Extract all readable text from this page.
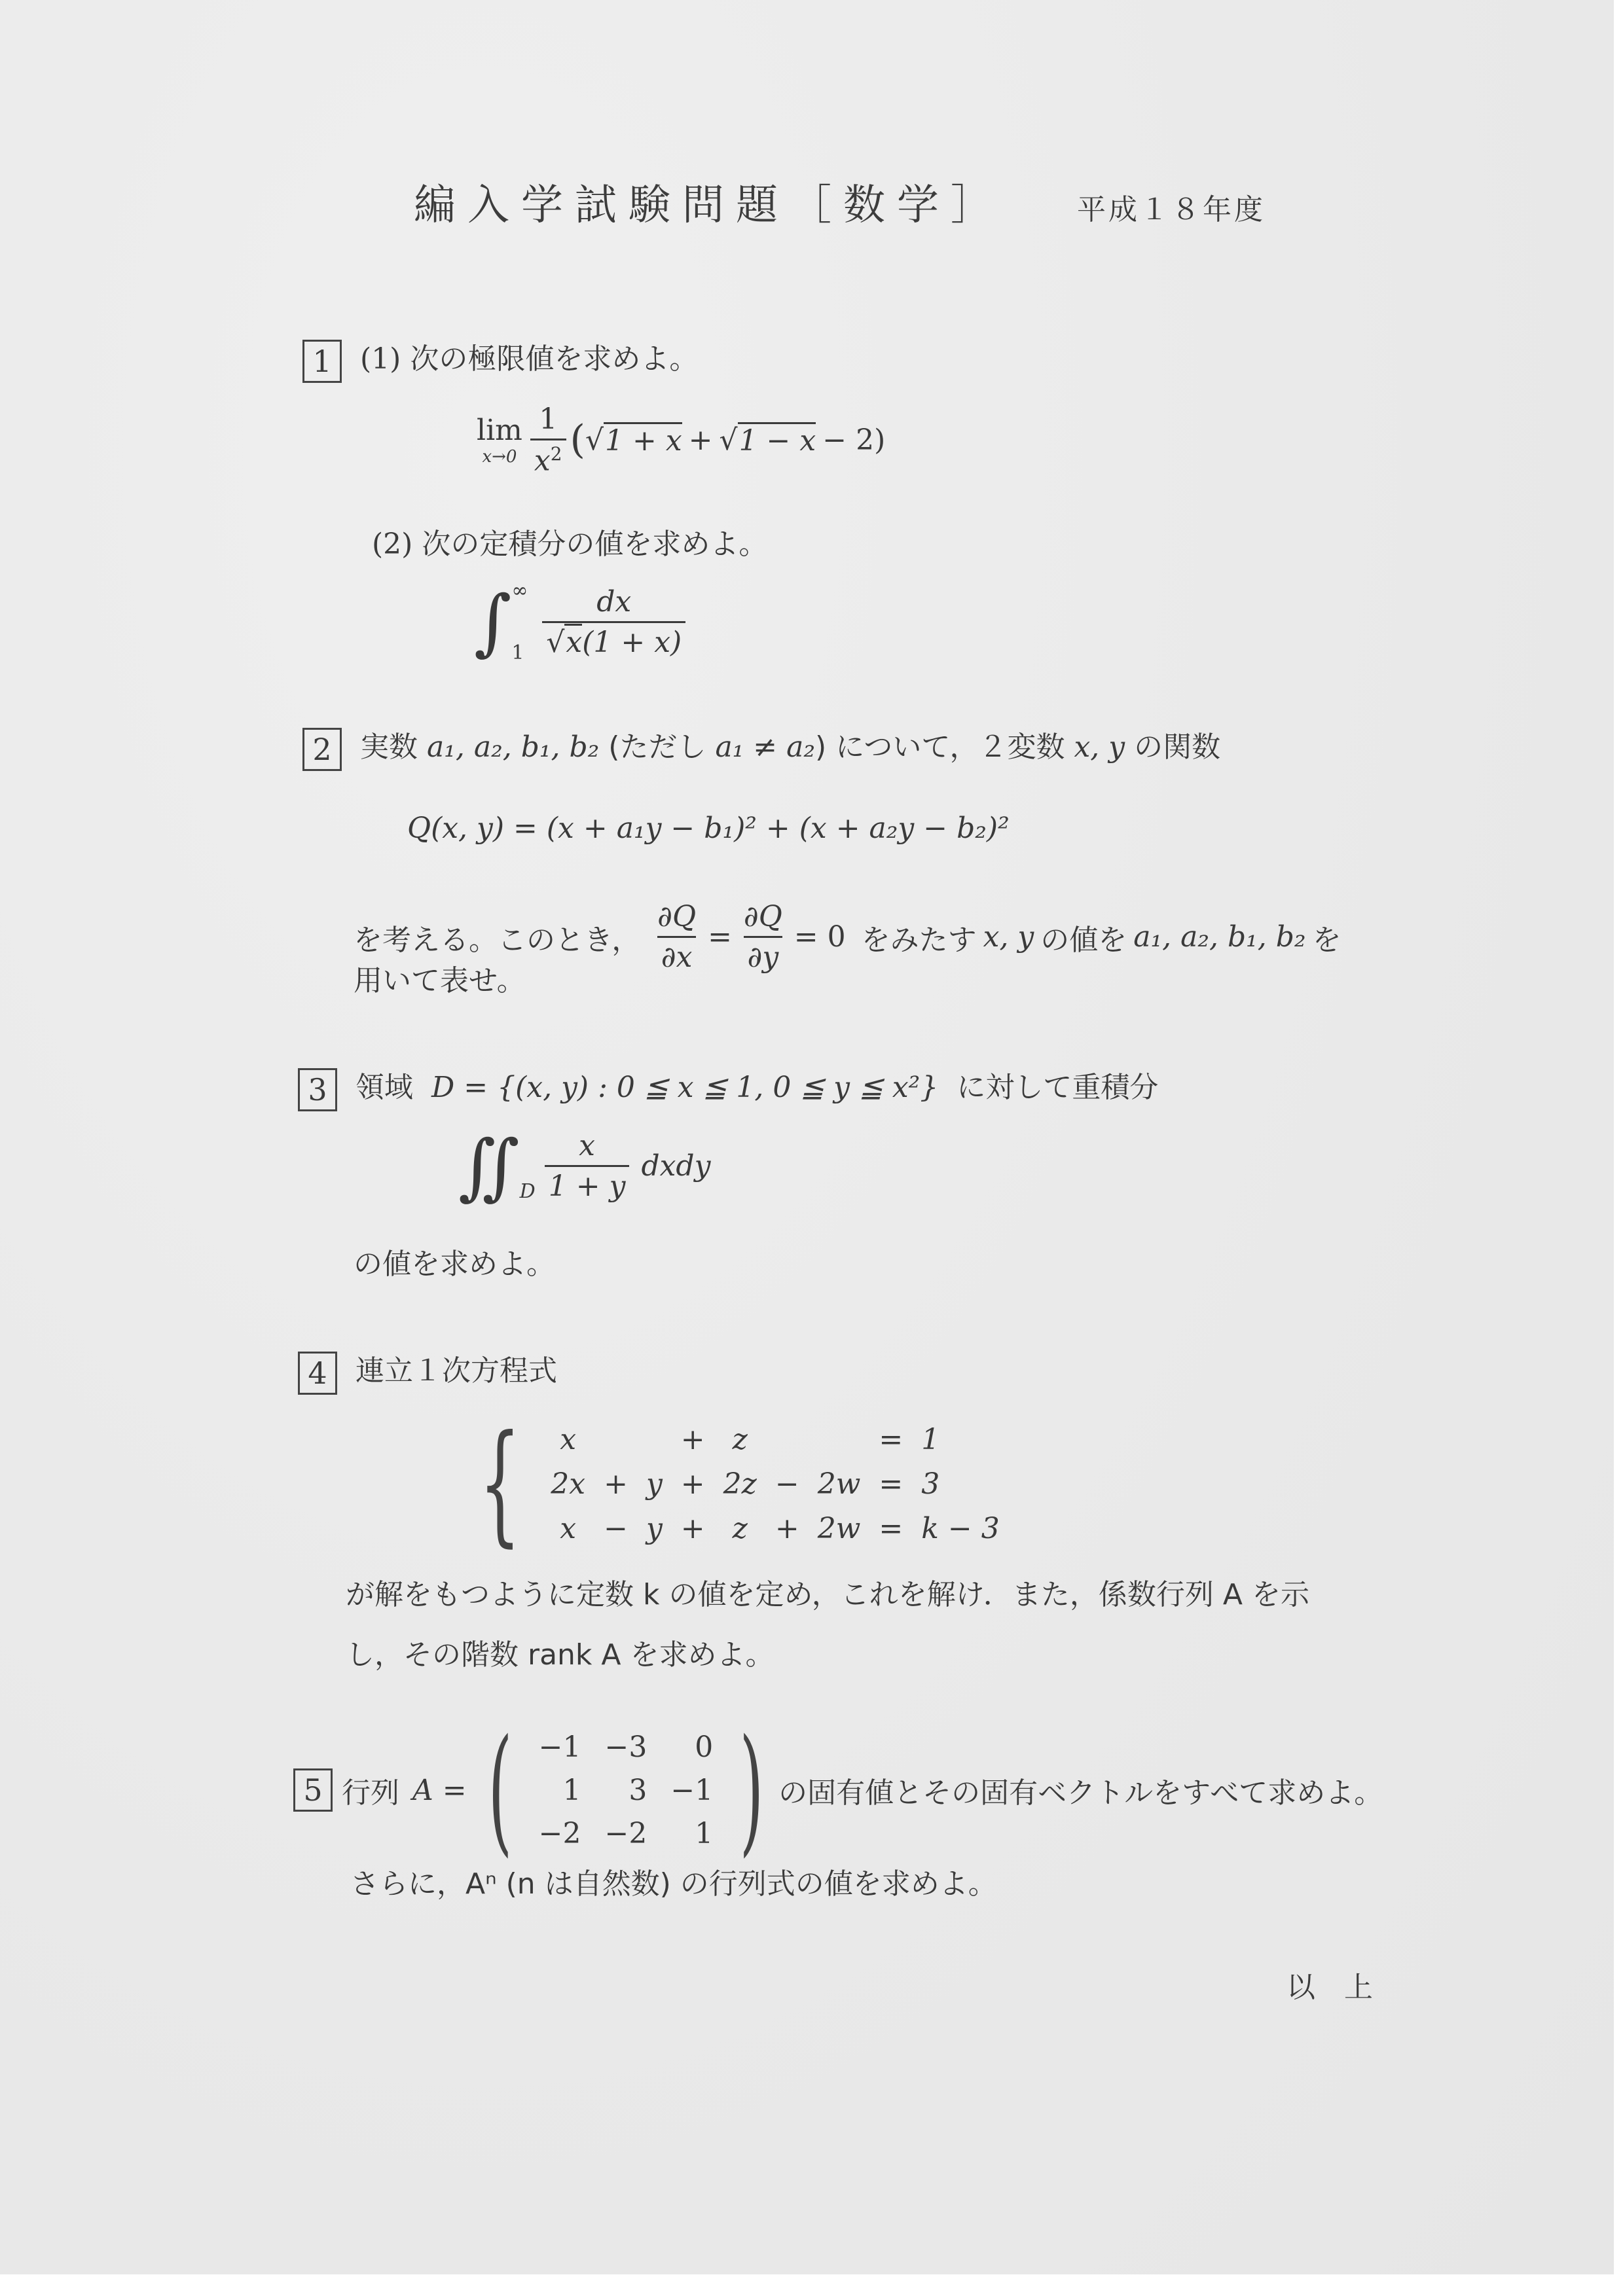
編入学試験問題［数学］	平成１８年度
1 (1) 次の極限値を求めよ。
lim
$x\to 0 \frac{1}{x^2}$ ( √ 1 + x + √ 1 − x − 2)
(2) 次の定積分の値を求めよ。
∫ ∞
$1 \frac{dx}{√x(1 + x)}$
2 実数 a₁, a₂, b₁, b₂ (ただし a₁ ≠ a₂) について，２変数 x, y の関数
Q(x, y) = (x + a₁y − b₁)² + (x + a₂y − b₂)²
を考える。このとき， $\frac{\partial Q}{\partial x} = \frac{\partial Q}{\partial y} = 0$ をみたす x, y の値を a₁, a₂, b₁, b₂ を
用いて表せ。
3 領域 D = {(x, y) : 0 ≦ x ≦ 1, 0 ≦ y ≦ x²} に対して重積分
∬ D $\frac{x}{1 + y}$ dxdy
の値を求めよ。
4 連立１次方程式
{ x			+	z			=	1
2x	+	y	+	2z	−	2w	=	3
x	−	y	+	z	+	2w	=	k − 3
が解をもつように定数 k の値を定め，これを解け．また，係数行列 A を示
し，その階数 rank A を求めよ。
5 行列 A = ( −1	−3	0
1	3	−1
−2	−2	1 ) の固有値とその固有ベクトルをすべて求めよ。
さらに，Aⁿ (n は自然数) の行列式の値を求めよ。
以　上
